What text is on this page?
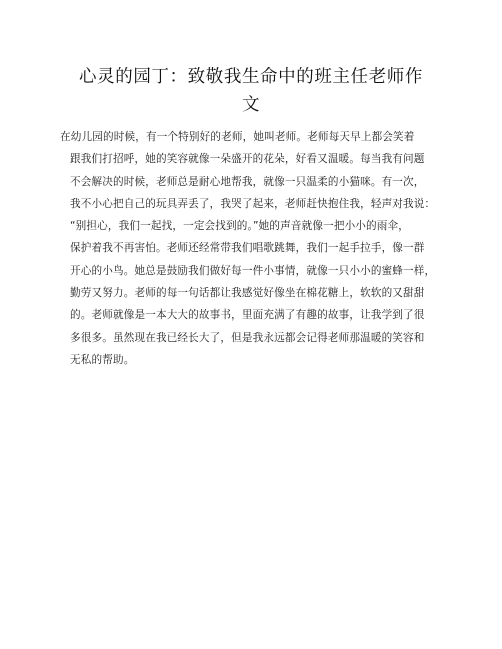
心灵的园丁：致敬我生命中的班主任老师作
文
在幼儿园的时候，有一个特别好的老师，她叫老师。老师每天早上都会笑着
跟我们打招呼，她的笑容就像一朵盛开的花朵，好看又温暖。每当我有问题
不会解决的时候，老师总是耐心地帮我，就像一只温柔的小猫咪。有一次，
我不小心把自己的玩具弄丢了，我哭了起来，老师赶快抱住我，轻声对我说：
“别担心，我们一起找，一定会找到的。”她的声音就像一把小小的雨伞，
保护着我不再害怕。老师还经常带我们唱歌跳舞，我们一起手拉手，像一群
开心的小鸟。她总是鼓励我们做好每一件小事情，就像一只小小的蜜蜂一样，
勤劳又努力。老师的每一句话都让我感觉好像坐在棉花糖上，软软的又甜甜
的。老师就像是一本大大的故事书，里面充满了有趣的故事，让我学到了很
多很多。虽然现在我已经长大了，但是我永远都会记得老师那温暖的笑容和
无私的帮助。
